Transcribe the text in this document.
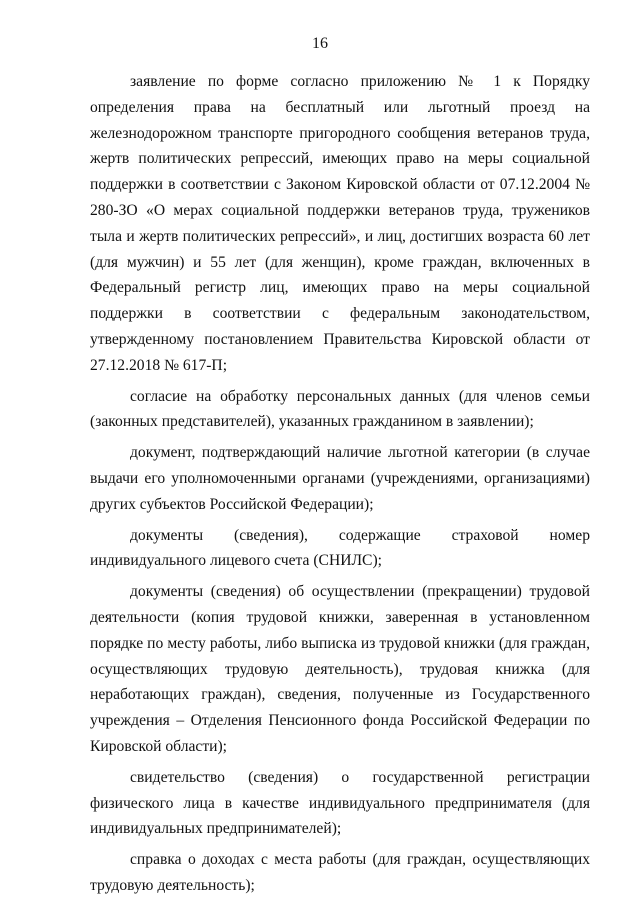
16

заявление по форме согласно приложению № 1 к Порядку определения права на бесплатный или льготный проезд на железнодорожном транспорте пригородного сообщения ветеранов труда, жертв политических репрессий, имеющих право на меры социальной поддержки в соответствии с Законом Кировской области от 07.12.2004 № 280-ЗО «О мерах социальной поддержки ветеранов труда, тружеников тыла и жертв политических репрессий», и лиц, достигших возраста 60 лет (для мужчин) и 55 лет (для женщин), кроме граждан, включенных в Федеральный регистр лиц, имеющих право на меры социальной поддержки в соответствии с федеральным законодательством, утвержденному постановлением Правительства Кировской области от 27.12.2018 № 617-П;

согласие на обработку персональных данных (для членов семьи (законных представителей), указанных гражданином в заявлении);

документ, подтверждающий наличие льготной категории (в случае выдачи его уполномоченными органами (учреждениями, организациями) других субъектов Российской Федерации);

документы (сведения), содержащие страховой номер индивидуального лицевого счета (СНИЛС);

документы (сведения) об осуществлении (прекращении) трудовой деятельности (копия трудовой книжки, заверенная в установленном порядке по месту работы, либо выписка из трудовой книжки (для граждан, осуществляющих трудовую деятельность), трудовая книжка (для неработающих граждан), сведения, полученные из Государственного учреждения – Отделения Пенсионного фонда Российской Федерации по Кировской области);

свидетельство (сведения) о государственной регистрации физического лица в качестве индивидуального предпринимателя (для индивидуальных предпринимателей);

справка о доходах с места работы (для граждан, осуществляющих трудовую деятельность);
